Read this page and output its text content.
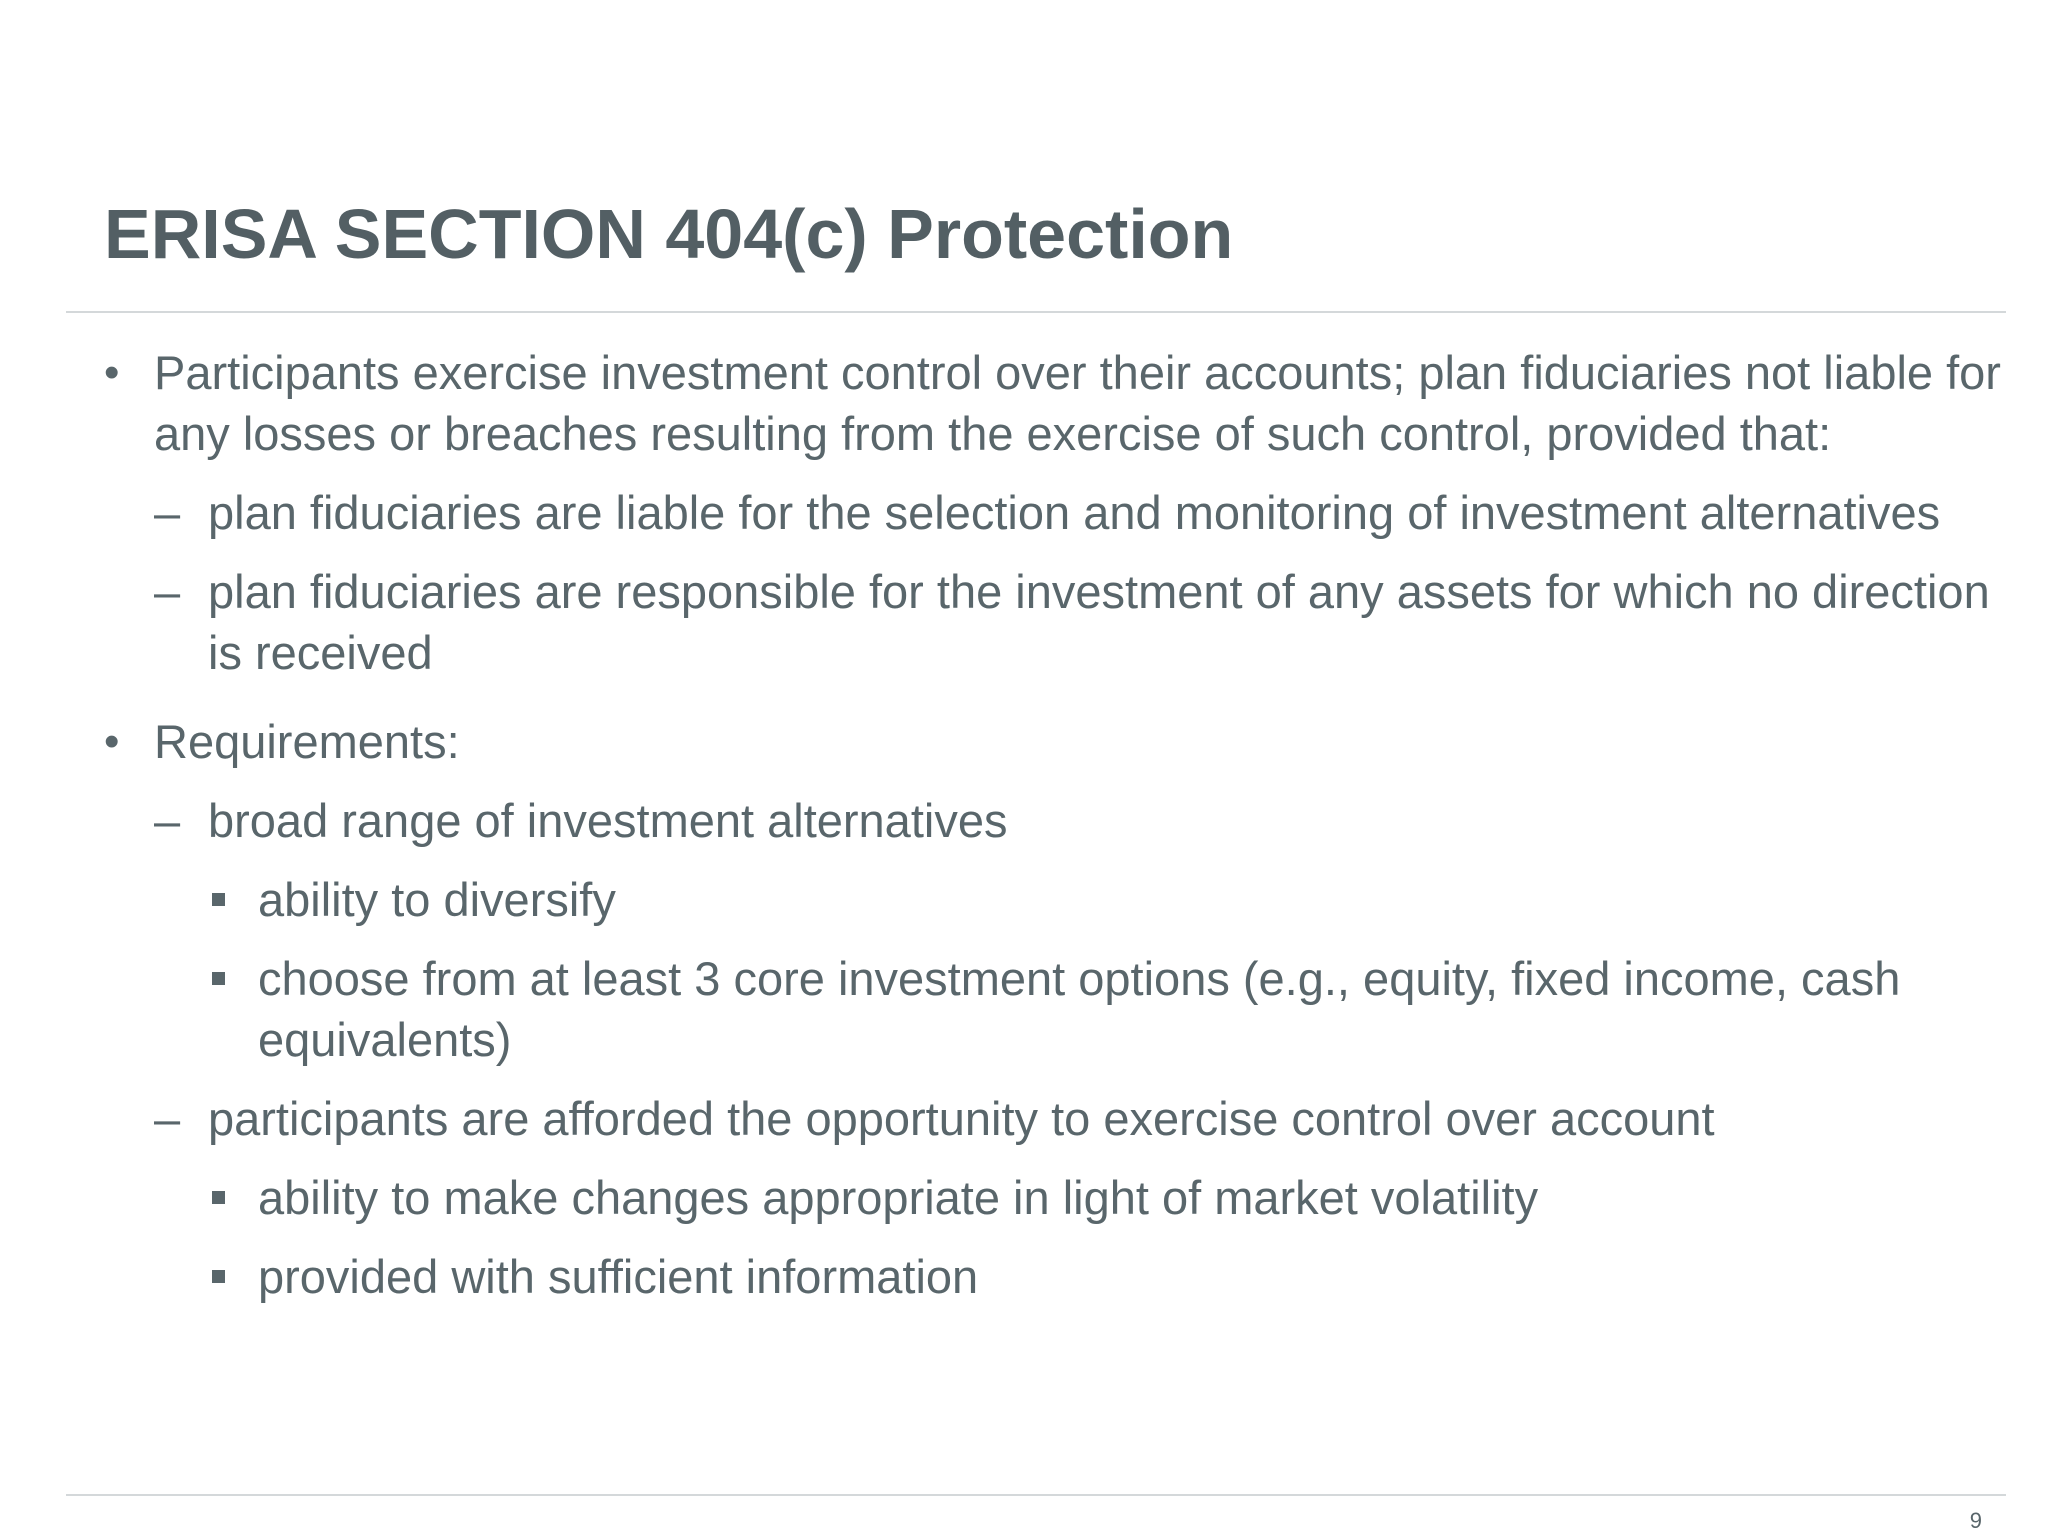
ERISA SECTION 404(c) Protection
• Participants exercise investment control over their accounts; plan fiduciaries not liable for any losses or breaches resulting from the exercise of such control, provided that:
– plan fiduciaries are liable for the selection and monitoring of investment alternatives
– plan fiduciaries are responsible for the investment of any assets for which no direction is received
• Requirements:
– broad range of investment alternatives
ability to diversify
choose from at least 3 core investment options (e.g., equity, fixed income, cash equivalents)
– participants are afforded the opportunity to exercise control over account
ability to make changes appropriate in light of market volatility
provided with sufficient information
9
